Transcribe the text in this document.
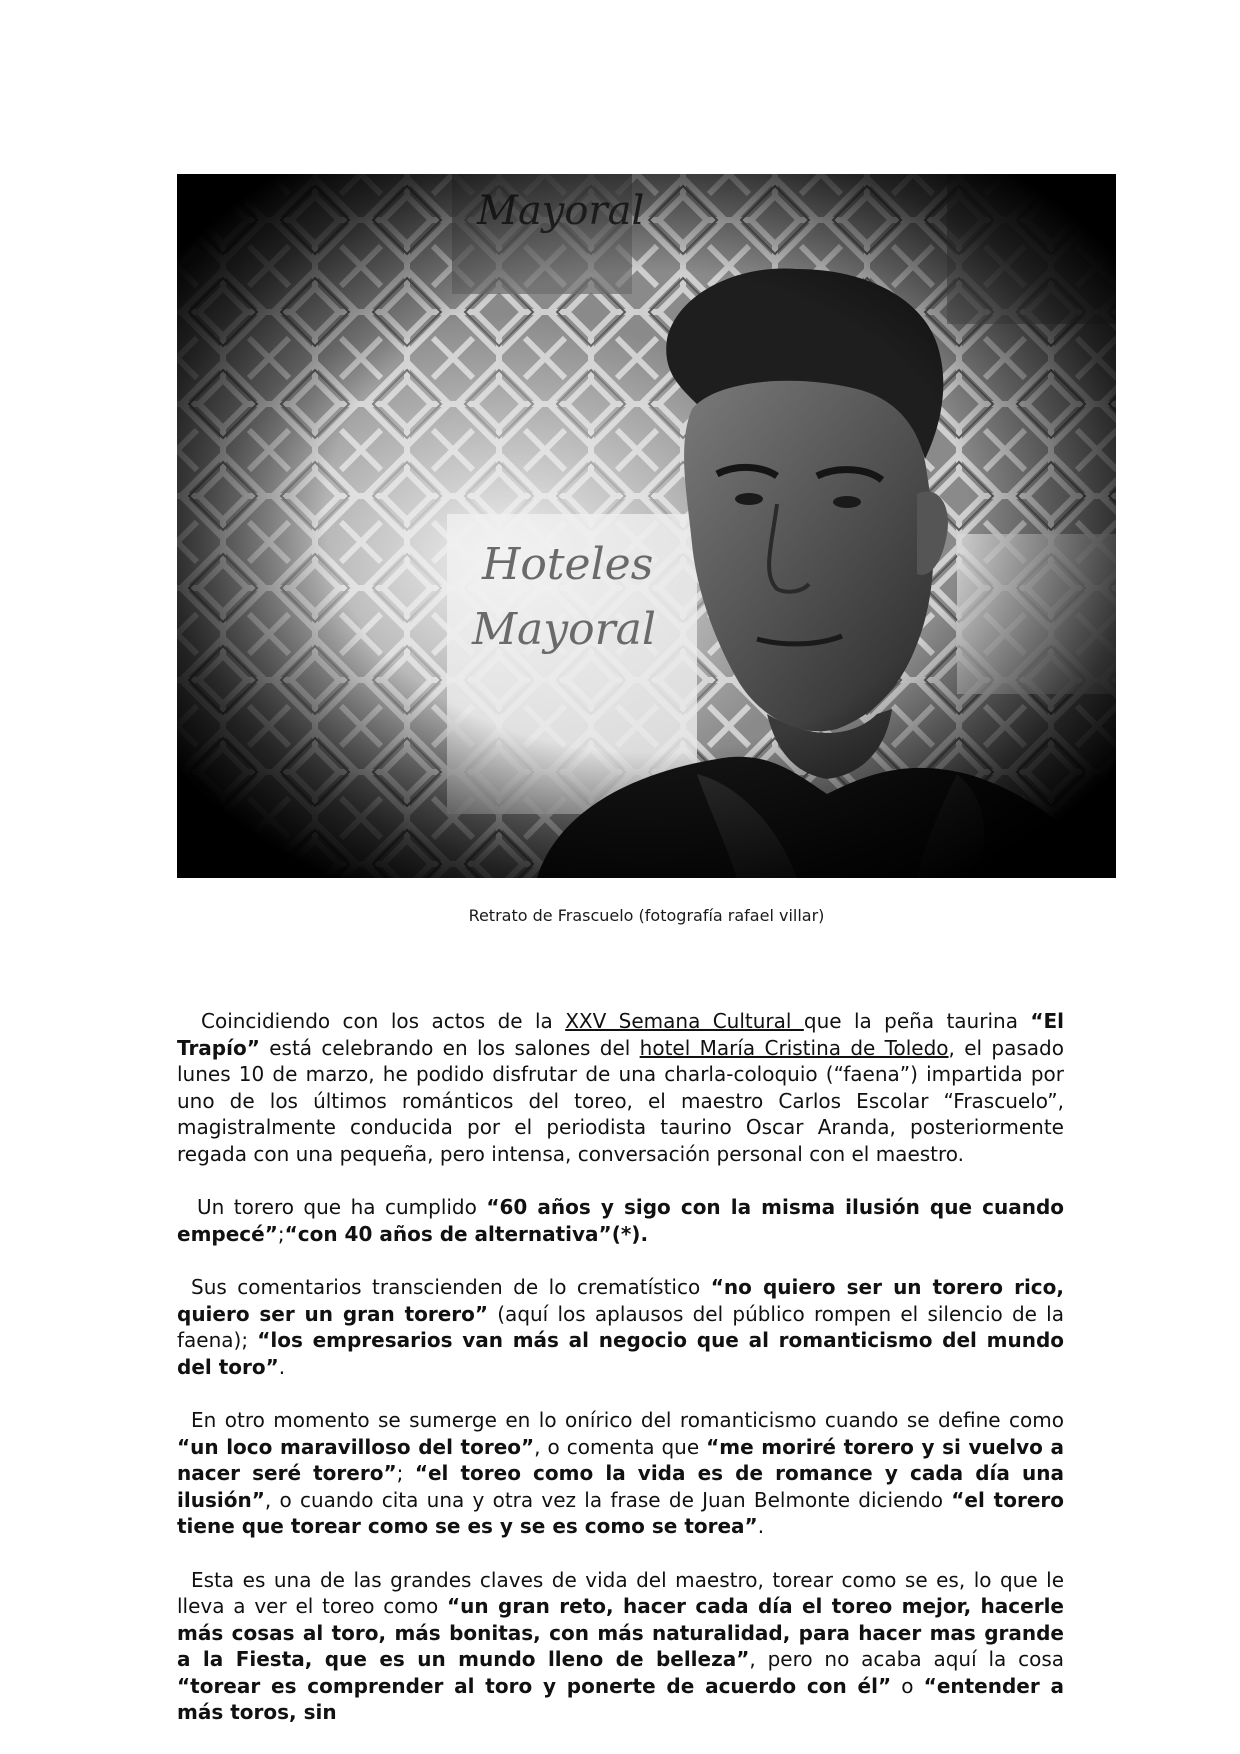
Retrato de Frascuelo (fotografía rafael villar)

Coincidiendo con los actos de la XXV Semana Cultural que la peña taurina “El Trapío” está celebrando en los salones del hotel María Cristina de Toledo, el pasado lunes 10 de marzo, he podido disfrutar de una charla-coloquio (“faena”) impartida por uno de los últimos románticos del toreo, el maestro Carlos Escolar “Frascuelo”, magistralmente conducida por el periodista taurino Oscar Aranda, posteriormente regada con una pequeña, pero intensa, conversación personal con el maestro.

Un torero que ha cumplido “60 años y sigo con la misma ilusión que cuando empecé”;“con 40 años de alternativa”(*).

Sus comentarios transcienden de lo crematístico “no quiero ser un torero rico, quiero ser un gran torero” (aquí los aplausos del público rompen el silencio de la faena); “los empresarios van más al negocio que al romanticismo del mundo del toro”.

En otro momento se sumerge en lo onírico del romanticismo cuando se define como “un loco maravilloso del toreo”, o comenta que “me moriré torero y si vuelvo a nacer seré torero”; “el toreo como la vida es de romance y cada día una ilusión”, o cuando cita una y otra vez la frase de Juan Belmonte diciendo “el torero tiene que torear como se es y se es como se torea”.

Esta es una de las grandes claves de vida del maestro, torear como se es, lo que le lleva a ver el toreo como “un gran reto, hacer cada día el toreo mejor, hacerle más cosas al toro, más bonitas, con más naturalidad, para hacer mas grande a la Fiesta, que es un mundo lleno de belleza”, pero no acaba aquí la cosa “torear es comprender al toro y ponerte de acuerdo con él” o “entender a más toros, sin
